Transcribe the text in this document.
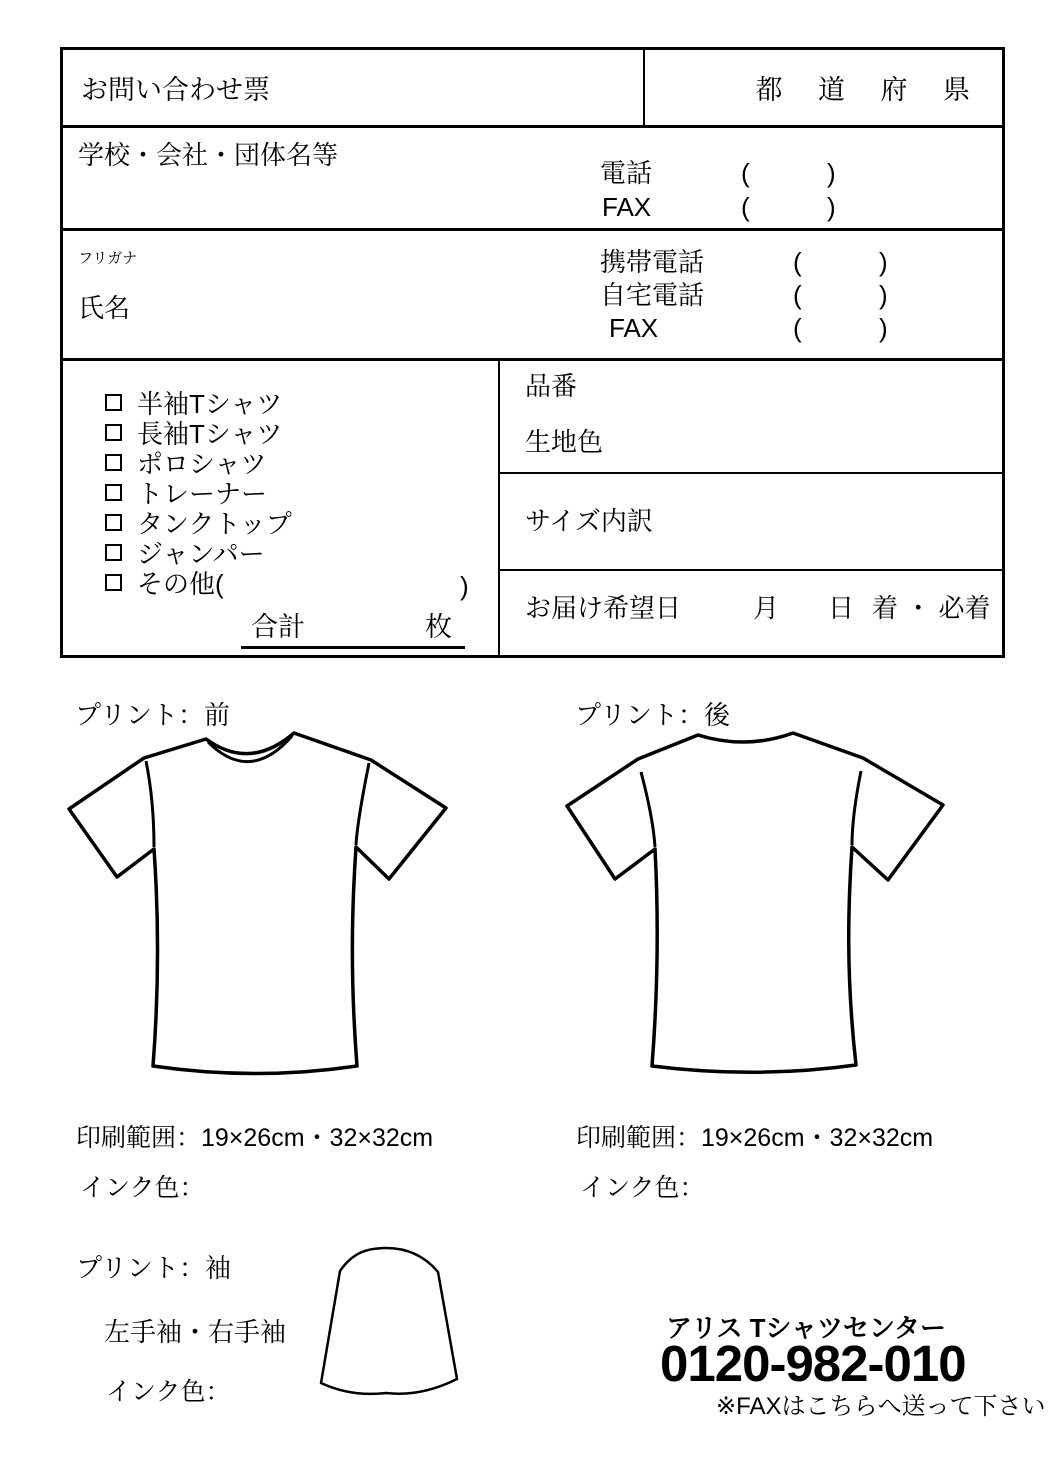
お問い合わせ票	都 道 府 県
学校・会社・団体名等
電話	(	)
FAX	(	)
フリガナ
氏名
携帯電話	(	)
自宅電話	(	)
FAX	(	)
半袖Tシャツ
長袖Tシャツ
ポロシャツ
トレーナー
タンクトップ
ジャンパー
その他(	)
合計	枚
品番
生地色
サイズ内訳
お届け希望日	月 日 着 ・ 必着
プリント：前	プリント：後
印刷範囲：19×26cm・32×32cm	印刷範囲：19×26cm・32×32cm
インク色：	インク色：
プリント：袖
左手袖・右手袖
インク色：
アリス Tシャツセンター
0120-982-010
※FAXはこちらへ送って下さい
